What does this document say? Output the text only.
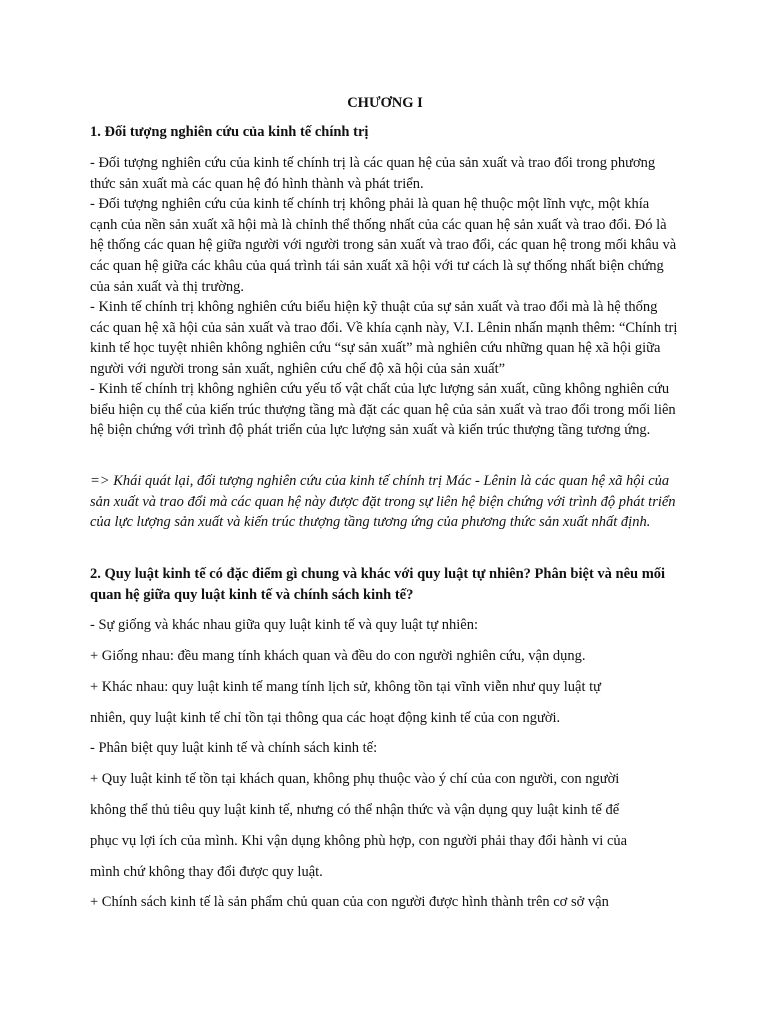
CHƯƠNG I
1. Đối tượng nghiên cứu của kinh tế chính trị

- Đối tượng nghiên cứu của kinh tế chính trị là các quan hệ của sản xuất và trao đổi trong phương thức sản xuất mà các quan hệ đó hình thành và phát triển.

- Đối tượng nghiên cứu của kinh tế chính trị không phải là quan hệ thuộc một lĩnh vực, một khía cạnh của nền sản xuất xã hội mà là chỉnh thể thống nhất của các quan hệ sản xuất và trao đổi. Đó là hệ thống các quan hệ giữa người với người trong sản xuất và trao đổi, các quan hệ trong mối khâu và các quan hệ giữa các khâu của quá trình tái sản xuất xã hội với tư cách là sự thống nhất biện chứng của sản xuất và thị trường.

- Kinh tế chính trị không nghiên cứu biểu hiện kỹ thuật của sự sản xuất và trao đổi mà là hệ thống các quan hệ xã hội của sản xuất và trao đổi. Về khía cạnh này, V.I. Lênin nhấn mạnh thêm: “Chính trị kinh tế học tuyệt nhiên không nghiên cứu “sự sản xuất” mà nghiên cứu những quan hệ xã hội giữa người với người trong sản xuất, nghiên cứu chế độ xã hội của sản xuất”

- Kinh tế chính trị không nghiên cứu yếu tố vật chất của lực lượng sản xuất, cũng không nghiên cứu biểu hiện cụ thể của kiến trúc thượng tầng mà đặt các quan hệ của sản xuất và trao đổi trong mối liên hệ biện chứng với trình độ phát triển của lực lượng sản xuất và kiến trúc thượng tầng tương ứng.

=> Khái quát lại, đối tượng nghiên cứu của kinh tế chính trị Mác - Lênin là các quan hệ xã hội của sản xuất và trao đổi mà các quan hệ này được đặt trong sự liên hệ biện chứng với trình độ phát triển của lực lượng sản xuất và kiến trúc thượng tầng tương ứng của phương thức sản xuất nhất định.

2. Quy luật kinh tế có đặc điểm gì chung và khác với quy luật tự nhiên? Phân biệt và nêu mối quan hệ giữa quy luật kinh tế và chính sách kinh tế?
- Sự giống và khác nhau giữa quy luật kinh tế và quy luật tự nhiên:
+ Giống nhau: đều mang tính khách quan và đều do con người nghiên cứu, vận dụng.
+ Khác nhau: quy luật kinh tế mang tính lịch sử, không tồn tại vĩnh viễn như quy luật tự
nhiên, quy luật kinh tế chỉ tồn tại thông qua các hoạt động kinh tế của con người.
- Phân biệt quy luật kinh tế và chính sách kinh tế:
+ Quy luật kinh tế tồn tại khách quan, không phụ thuộc vào ý chí của con người, con người
không thể thủ tiêu quy luật kinh tế, nhưng có thể nhận thức và vận dụng quy luật kinh tế để
phục vụ lợi ích của mình. Khi vận dụng không phù hợp, con người phải thay đổi hành vi của
mình chứ không thay đổi được quy luật.
+ Chính sách kinh tế là sản phẩm chủ quan của con người được hình thành trên cơ sở vận
